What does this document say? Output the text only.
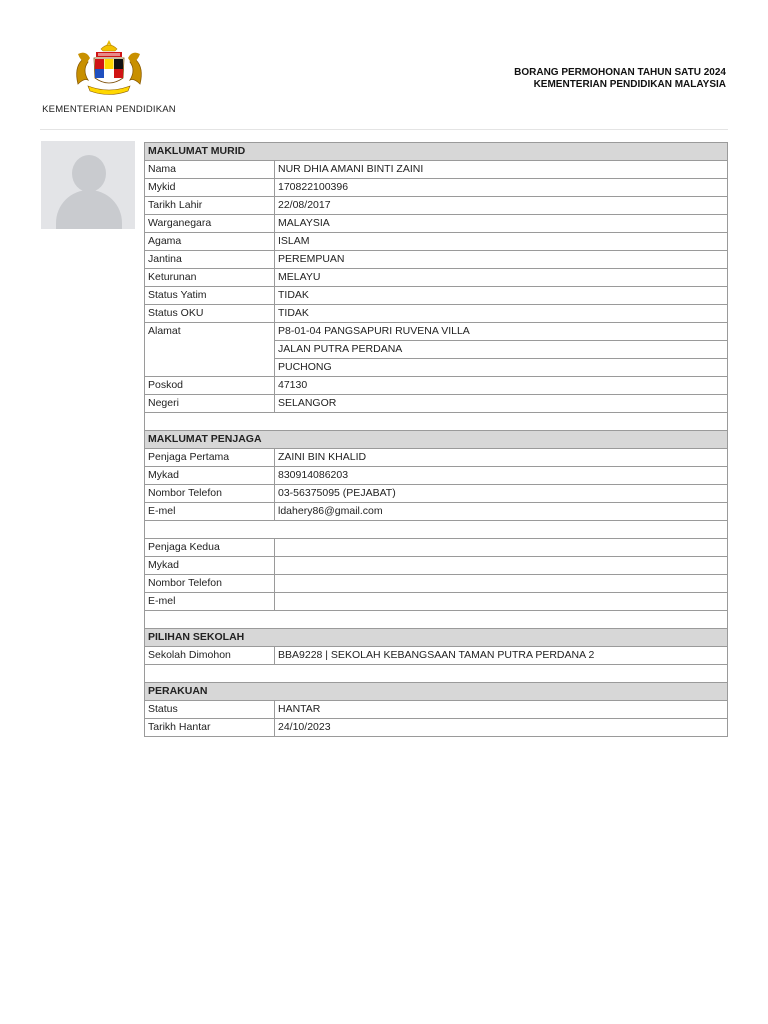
KEMENTERIAN PENDIDIKAN
BORANG PERMOHONAN TAHUN SATU 2024
KEMENTERIAN PENDIDIKAN MALAYSIA
MAKLUMAT MURID	
Nama	NUR DHIA AMANI BINTI ZAINI
Mykid	170822100396
Tarikh Lahir	22/08/2017
Warganegara	MALAYSIA
Agama	ISLAM
Jantina	PEREMPUAN
Keturunan	MELAYU
Status Yatim	TIDAK
Status OKU	TIDAK
Alamat	P8-01-04 PANGSAPURI RUVENA VILLA
	JALAN PUTRA PERDANA
	PUCHONG
Poskod	47130
Negeri	SELANGOR

MAKLUMAT PENJAGA	
Penjaga Pertama	ZAINI BIN KHALID
Mykad	830914086203
Nombor Telefon	03-56375095 (PEJABAT)
E-mel	ldahery86@gmail.com

Penjaga Kedua	
Mykad	
Nombor Telefon	
E-mel	

PILIHAN SEKOLAH	
Sekolah Dimohon	BBA9228 | SEKOLAH KEBANGSAAN TAMAN PUTRA PERDANA 2

PERAKUAN	
Status	HANTAR
Tarikh Hantar	24/10/2023
